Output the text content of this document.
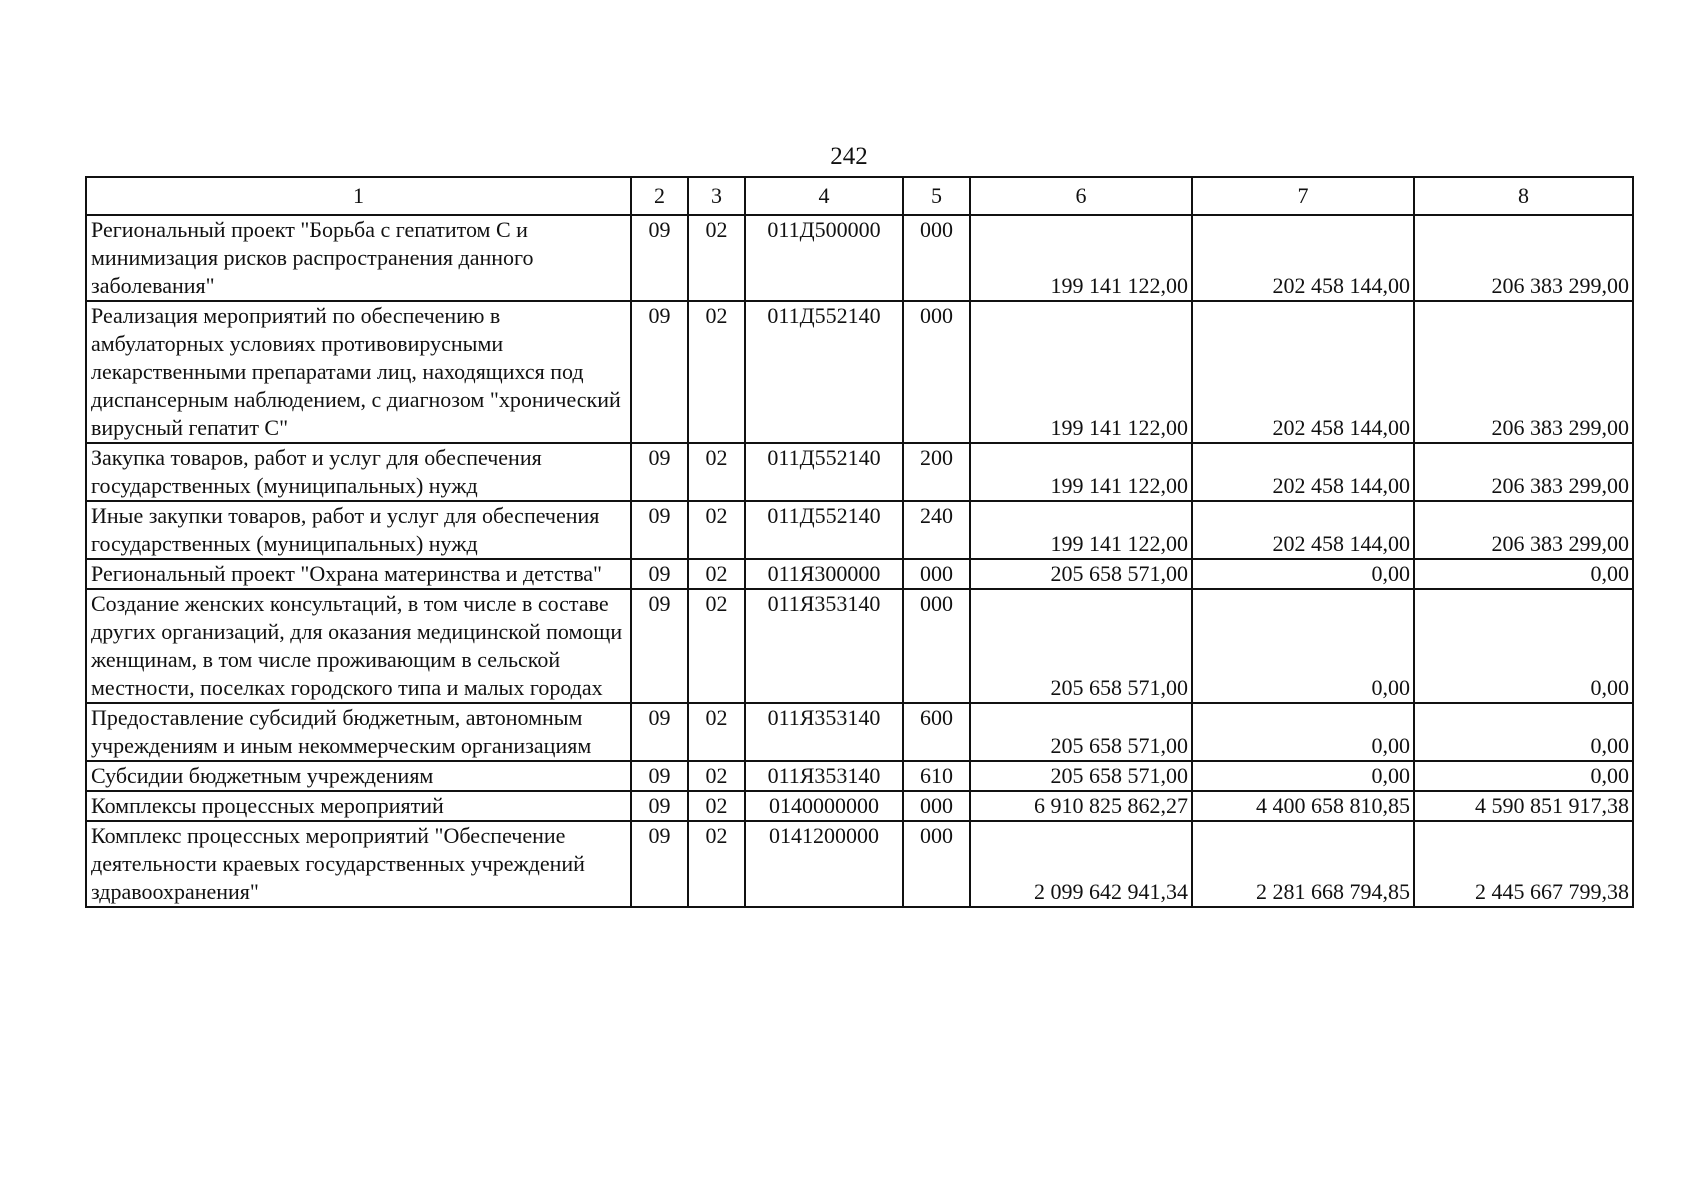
242
1	2	3	4	5	6	7	8
Региональный проект "Борьба с гепатитом С и минимизация рисков распространения данного заболевания"	09	02	011Д500000	000	199 141 122,00	202 458 144,00	206 383 299,00
Реализация мероприятий по обеспечению в амбулаторных условиях противовирусными лекарственными препаратами лиц, находящихся под диспансерным наблюдением, с диагнозом "хронический вирусный гепатит С"	09	02	011Д552140	000	199 141 122,00	202 458 144,00	206 383 299,00
Закупка товаров, работ и услуг для обеспечения государственных (муниципальных) нужд	09	02	011Д552140	200	199 141 122,00	202 458 144,00	206 383 299,00
Иные закупки товаров, работ и услуг для обеспечения государственных (муниципальных) нужд	09	02	011Д552140	240	199 141 122,00	202 458 144,00	206 383 299,00
Региональный проект "Охрана материнства и детства"	09	02	011Я300000	000	205 658 571,00	0,00	0,00
Создание женских консультаций, в том числе в составе других организаций, для оказания медицинской помощи женщинам, в том числе проживающим в сельской местности, поселках городского типа и малых городах	09	02	011Я353140	000	205 658 571,00	0,00	0,00
Предоставление субсидий бюджетным, автономным учреждениям и иным некоммерческим организациям	09	02	011Я353140	600	205 658 571,00	0,00	0,00
Субсидии бюджетным учреждениям	09	02	011Я353140	610	205 658 571,00	0,00	0,00
Комплексы процессных мероприятий	09	02	0140000000	000	6 910 825 862,27	4 400 658 810,85	4 590 851 917,38
Комплекс процессных мероприятий "Обеспечение деятельности краевых государственных учреждений здравоохранения"	09	02	0141200000	000	2 099 642 941,34	2 281 668 794,85	2 445 667 799,38
